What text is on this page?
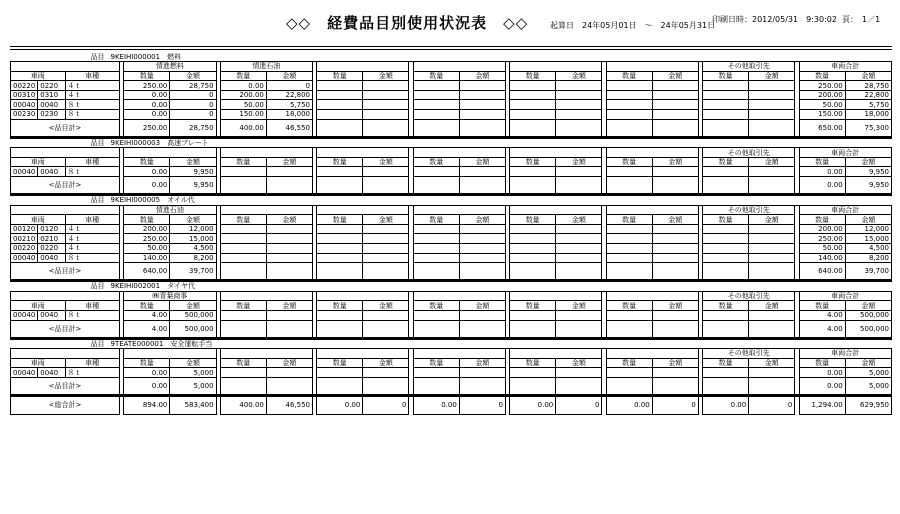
◇◇　経費品目別使用状況表　◇◇	起算日　24年05月01日　～　24年05月31日
印刷日時：2012/05/31　9:30:02 頁：　1／1
品目 9KEIHI000001　燃料																										
				情進燃料			情進石油															その他取引先			車両合計	
車両		車種		数量	金額		数量	金額		数量	金額		数量	金額		数量	金額		数量	金額		数量	金額		数量	金額
00220	0220	４ｔ		250.00	28,750		0.00	0																	250.00	28,750
00310	0310	４ｔ		0.00	0		200.00	22,800																	200.00	22,800
00040	0040	８ｔ		0.00	0		50.00	5,750																	50.00	5,750
00230	0230	８ｔ		0.00	0		150.00	18,000																	150.00	18,000
<品目計>				250.00	28,750		400.00	46,550																	650.00	75,300

品目 9KEIHI000003　高速プレート																										
																						その他取引先			車両合計	
車両		車種		数量	金額		数量	金額		数量	金額		数量	金額		数量	金額		数量	金額		数量	金額		数量	金額
00040	0040	８ｔ		0.00	9,950																				0.00	9,950
<品目計>				0.00	9,950																				0.00	9,950

品目 9KEIHI000005　オイル代																										
				情進石油																		その他取引先			車両合計	
車両		車種		数量	金額		数量	金額		数量	金額		数量	金額		数量	金額		数量	金額		数量	金額		数量	金額
00120	0120	４ｔ		200.00	12,000																				200.00	12,000
00210	0210	４ｔ		250.00	15,000																				250.00	15,000
00220	0220	４ｔ		50.00	4,500																				50.00	4,500
00040	0040	８ｔ		140.00	8,200																				140.00	8,200
<品目計>				640.00	39,700																				640.00	39,700

品目 9KEIHI002001　タイヤ代																										
				㈱青葉商事																		その他取引先			車両合計	
車両		車種		数量	金額		数量	金額		数量	金額		数量	金額		数量	金額		数量	金額		数量	金額		数量	金額
00040	0040	８ｔ		4.00	500,000																				4.00	500,000
<品目計>				4.00	500,000																				4.00	500,000

品目 9TEATE000001　安全運転手当																										
																						その他取引先			車両合計	
車両		車種		数量	金額		数量	金額		数量	金額		数量	金額		数量	金額		数量	金額		数量	金額		数量	金額
00040	0040	８ｔ		0.00	5,000																				0.00	5,000
<品目計>				0.00	5,000																				0.00	5,000

<総合計>				894.00	583,400		400.00	46,550		0.00	0		0.00	0		0.00	0		0.00	0		0.00	0		1,294.00	629,950
